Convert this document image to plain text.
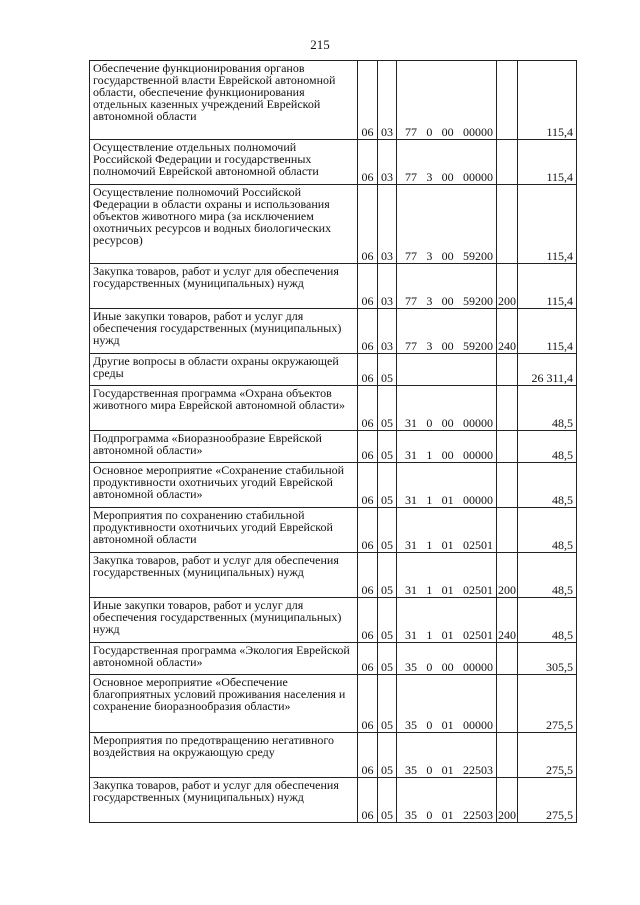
215
Обеспечение функционирования органов государственной власти Еврейской автономной области, обеспечение функционирования отдельных казенных учреждений Еврейской автономной области	06	03	77 0 00 00000		115,4
Осуществление отдельных полномочий Российской Федерации и государственных полномочий Еврейской автономной области	06	03	77 3 00 00000		115,4
Осуществление полномочий Российской Федерации в области охраны и использования объектов животного мира (за исключением охотничьих ресурсов и водных биологических ресурсов)	06	03	77 3 00 59200		115,4
Закупка товаров, работ и услуг для обеспечения государственных (муниципальных) нужд	06	03	77 3 00 59200	200	115,4
Иные закупки товаров, работ и услуг для обеспечения государственных (муниципальных) нужд	06	03	77 3 00 59200	240	115,4
Другие вопросы в области охраны окружающей среды	06	05			26 311,4
Государственная программа «Охрана объектов животного мира Еврейской автономной области»	06	05	31 0 00 00000		48,5
Подпрограмма «Биоразнообразие Еврейской автономной области»	06	05	31 1 00 00000		48,5
Основное мероприятие «Сохранение стабильной продуктивности охотничьих угодий Еврейской автономной области»	06	05	31 1 01 00000		48,5
Мероприятия по сохранению стабильной продуктивности охотничьих угодий Еврейской автономной области	06	05	31 1 01 02501		48,5
Закупка товаров, работ и услуг для обеспечения государственных (муниципальных) нужд	06	05	31 1 01 02501	200	48,5
Иные закупки товаров, работ и услуг для обеспечения государственных (муниципальных) нужд	06	05	31 1 01 02501	240	48,5
Государственная программа «Экология Еврейской автономной области»	06	05	35 0 00 00000		305,5
Основное мероприятие «Обеспечение благоприятных условий проживания населения и сохранение биоразнообразия области»	06	05	35 0 01 00000		275,5
Мероприятия по предотвращению негативного воздействия на окружающую среду	06	05	35 0 01 22503		275,5
Закупка товаров, работ и услуг для обеспечения государственных (муниципальных) нужд	06	05	35 0 01 22503	200	275,5
